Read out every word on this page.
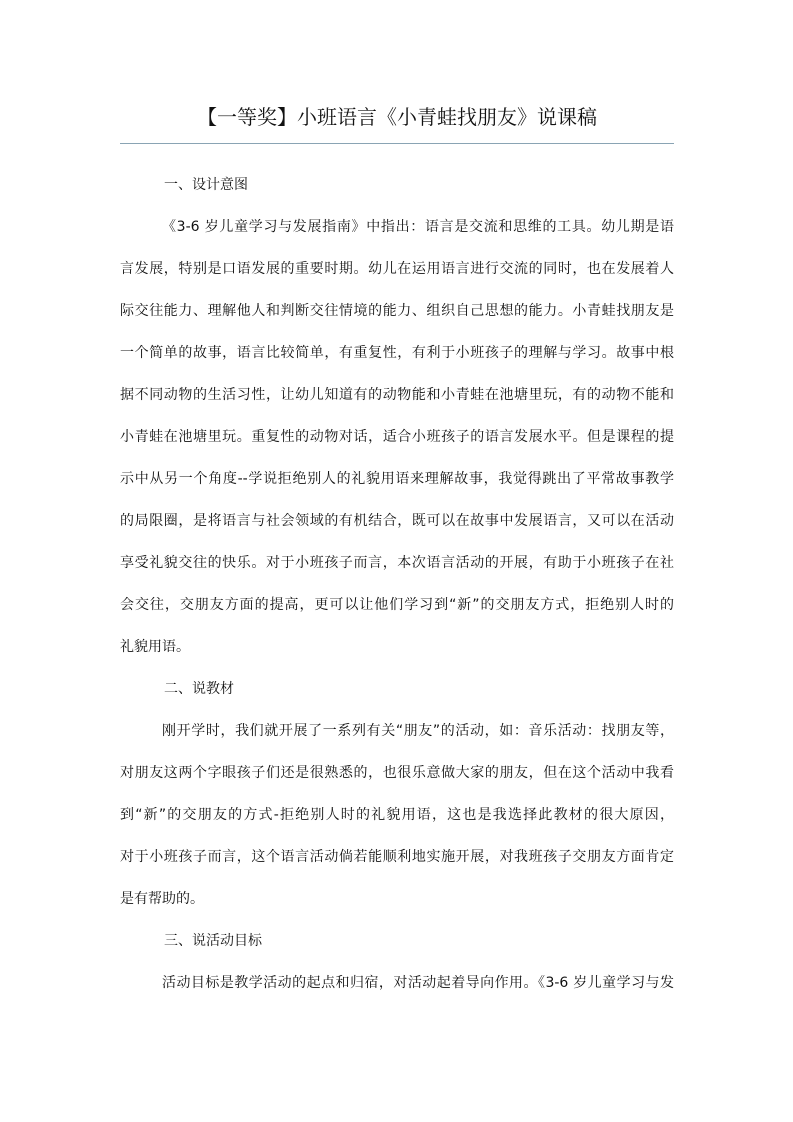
【一等奖】小班语言《小青蛙找朋友》说课稿
一、设计意图
《3-6 岁儿童学习与发展指南》中指出：语言是交流和思维的工具。幼儿期是语
言发展，特别是口语发展的重要时期。幼儿在运用语言进行交流的同时，也在发展着人
际交往能力、理解他人和判断交往情境的能力、组织自己思想的能力。小青蛙找朋友是
一个简单的故事，语言比较简单，有重复性，有利于小班孩子的理解与学习。故事中根
据不同动物的生活习性，让幼儿知道有的动物能和小青蛙在池塘里玩，有的动物不能和
小青蛙在池塘里玩。重复性的动物对话，适合小班孩子的语言发展水平。但是课程的提
示中从另一个角度--学说拒绝别人的礼貌用语来理解故事，我觉得跳出了平常故事教学
的局限圈，是将语言与社会领域的有机结合，既可以在故事中发展语言，又可以在活动
享受礼貌交往的快乐。对于小班孩子而言，本次语言活动的开展，有助于小班孩子在社
会交往，交朋友方面的提高，更可以让他们学习到“新”的交朋友方式，拒绝别人时的
礼貌用语。
二、说教材
刚开学时，我们就开展了一系列有关“朋友”的活动，如：音乐活动：找朋友等，
对朋友这两个字眼孩子们还是很熟悉的，也很乐意做大家的朋友，但在这个活动中我看
到“新”的交朋友的方式-拒绝别人时的礼貌用语，这也是我选择此教材的很大原因，
对于小班孩子而言，这个语言活动倘若能顺利地实施开展，对我班孩子交朋友方面肯定
是有帮助的。
三、说活动目标
活动目标是教学活动的起点和归宿，对活动起着导向作用。《3-6 岁儿童学习与发
